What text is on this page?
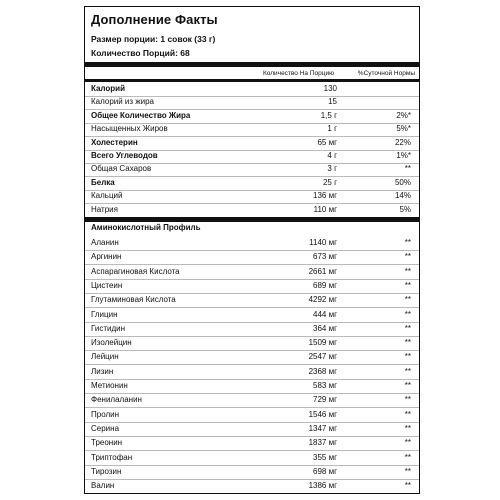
Дополнение Факты
Размер порции: 1 совок (33 г)
Количество Порций: 68
Количество На Порцию	%Суточной Нормы
Калорий	130
Калорий из жира	15
Общее Количество Жира	1,5 г	2%*
Насыщенных Жиров	1 г	5%*
Холестерин	65 мг	22%
Всего Углеводов	4 г	1%*
Общая Сахаров	3 г	**
Белка	25 г	50%
Кальций	136 мг	14%
Натрия	110 мг	5%
Аминокислотный Профиль
Аланин	1140 мг	**
Аргинин	673 мг	**
Аспарагиновая Кислота	2661 мг	**
Цистеин	689 мг	**
Глутаминовая Кислота	4292 мг	**
Глицин	444 мг	**
Гистидин	364 мг	**
Изолейцин	1509 мг	**
Лейцин	2547 мг	**
Лизин	2368 мг	**
Метионин	583 мг	**
Фенилаланин	729 мг	**
Пролин	1546 мг	**
Серина	1347 мг	**
Треонин	1837 мг	**
Триптофан	355 мг	**
Тирозин	698 мг	**
Валин	1386 мг	**
